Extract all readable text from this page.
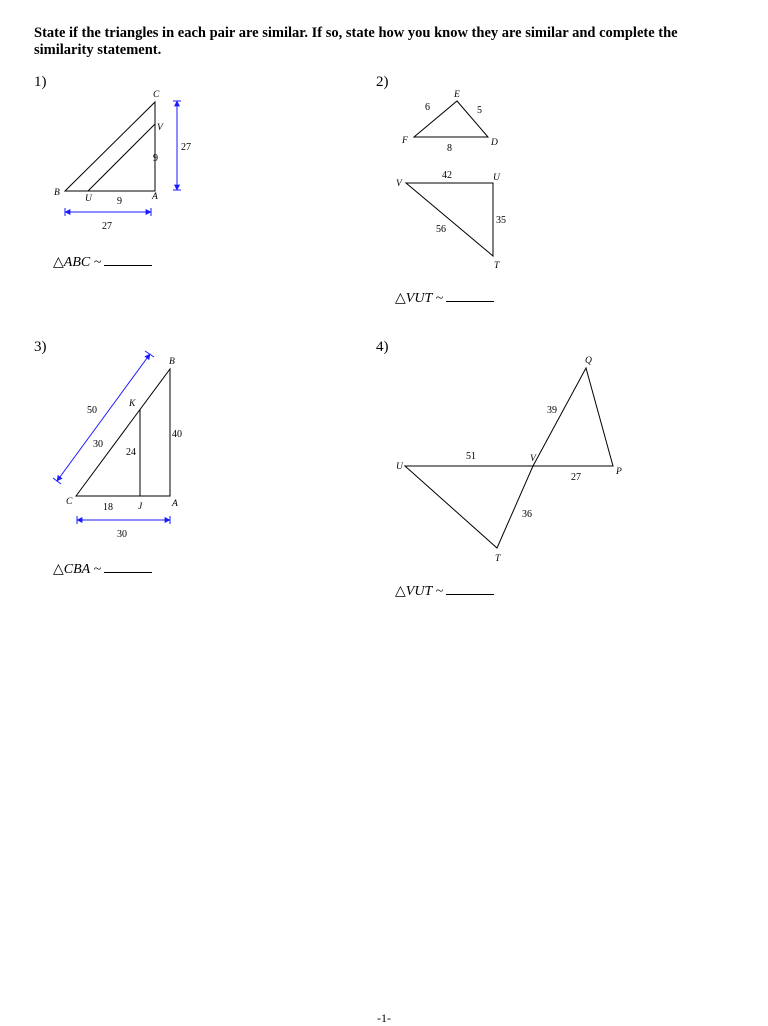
State if the triangles in each pair are similar. If so, state how you know they are similar and complete the similarity statement.
1)	2)
3)	4)
C
V
B
U	A
9
9
27
27
E
F	D
V
U
T
6	5
8
42
56
35
B
K
C	J	A
50
30
24
40
18
30
Q
U
V
P
T
39
51
27
36
△ABC ~
△VUT ~
△CBA ~
△VUT ~
-1-
